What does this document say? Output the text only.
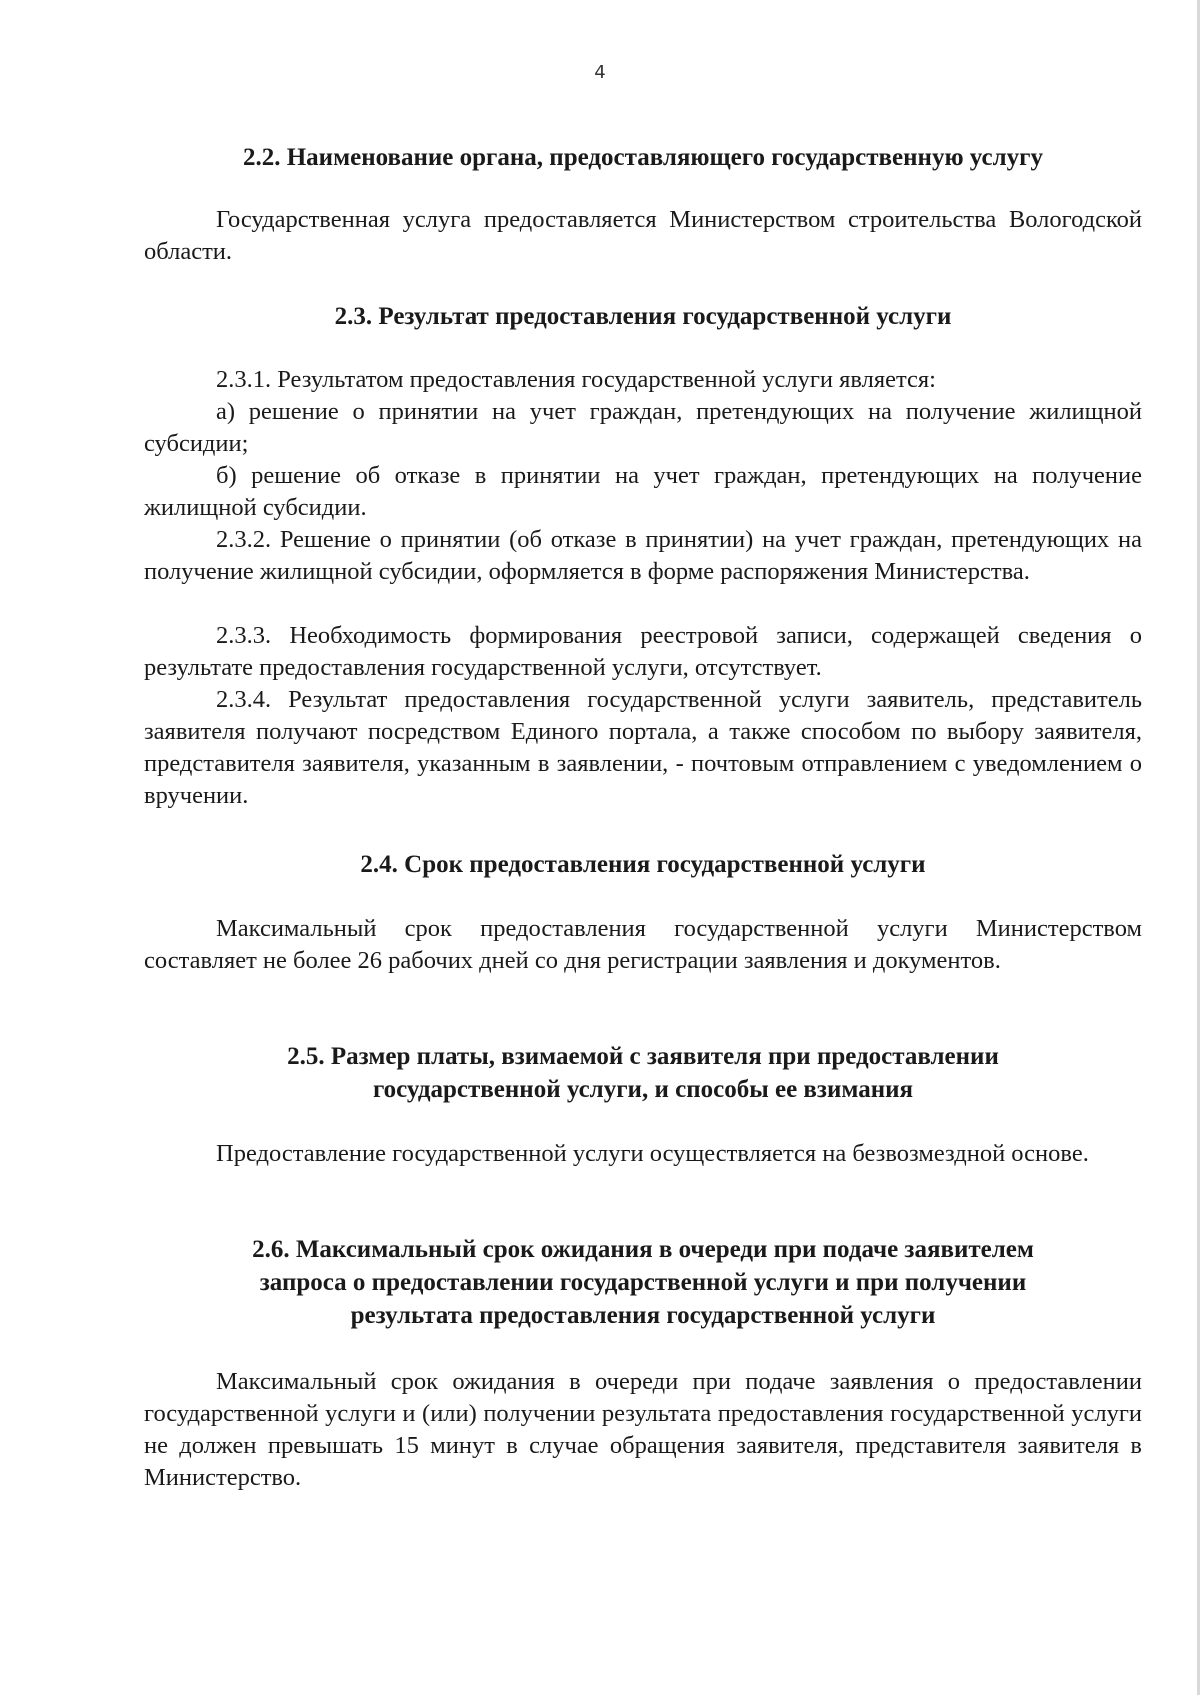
4
2.2. Наименование органа, предоставляющего государственную услугу
Государственная услуга предоставляется Министерством строительства Вологодской области.
2.3. Результат предоставления государственной услуги
2.3.1. Результатом предоставления государственной услуги является:
а) решение о принятии на учет граждан, претендующих на получение жилищной субсидии;
б) решение об отказе в принятии на учет граждан, претендующих на получение жилищной субсидии.
2.3.2. Решение о принятии (об отказе в принятии) на учет граждан, претендующих на получение жилищной субсидии, оформляется в форме распоряжения Министерства.
2.3.3. Необходимость формирования реестровой записи, содержащей сведения о результате предоставления государственной услуги, отсутствует.
2.3.4. Результат предоставления государственной услуги заявитель, представитель заявителя получают посредством Единого портала, а также способом по выбору заявителя, представителя заявителя, указанным в заявлении, - почтовым отправлением с уведомлением о вручении.
2.4. Срок предоставления государственной услуги
Максимальный срок предоставления государственной услуги Министерством составляет не более 26 рабочих дней со дня регистрации заявления и документов.
2.5. Размер платы, взимаемой с заявителя при предоставлении
государственной услуги, и способы ее взимания
Предоставление государственной услуги осуществляется на безвозмездной основе.
2.6. Максимальный срок ожидания в очереди при подаче заявителем
запроса о предоставлении государственной услуги и при получении
результата предоставления государственной услуги
Максимальный срок ожидания в очереди при подаче заявления о предоставлении государственной услуги и (или) получении результата предоставления государственной услуги не должен превышать 15 минут в случае обращения заявителя, представителя заявителя в Министерство.
